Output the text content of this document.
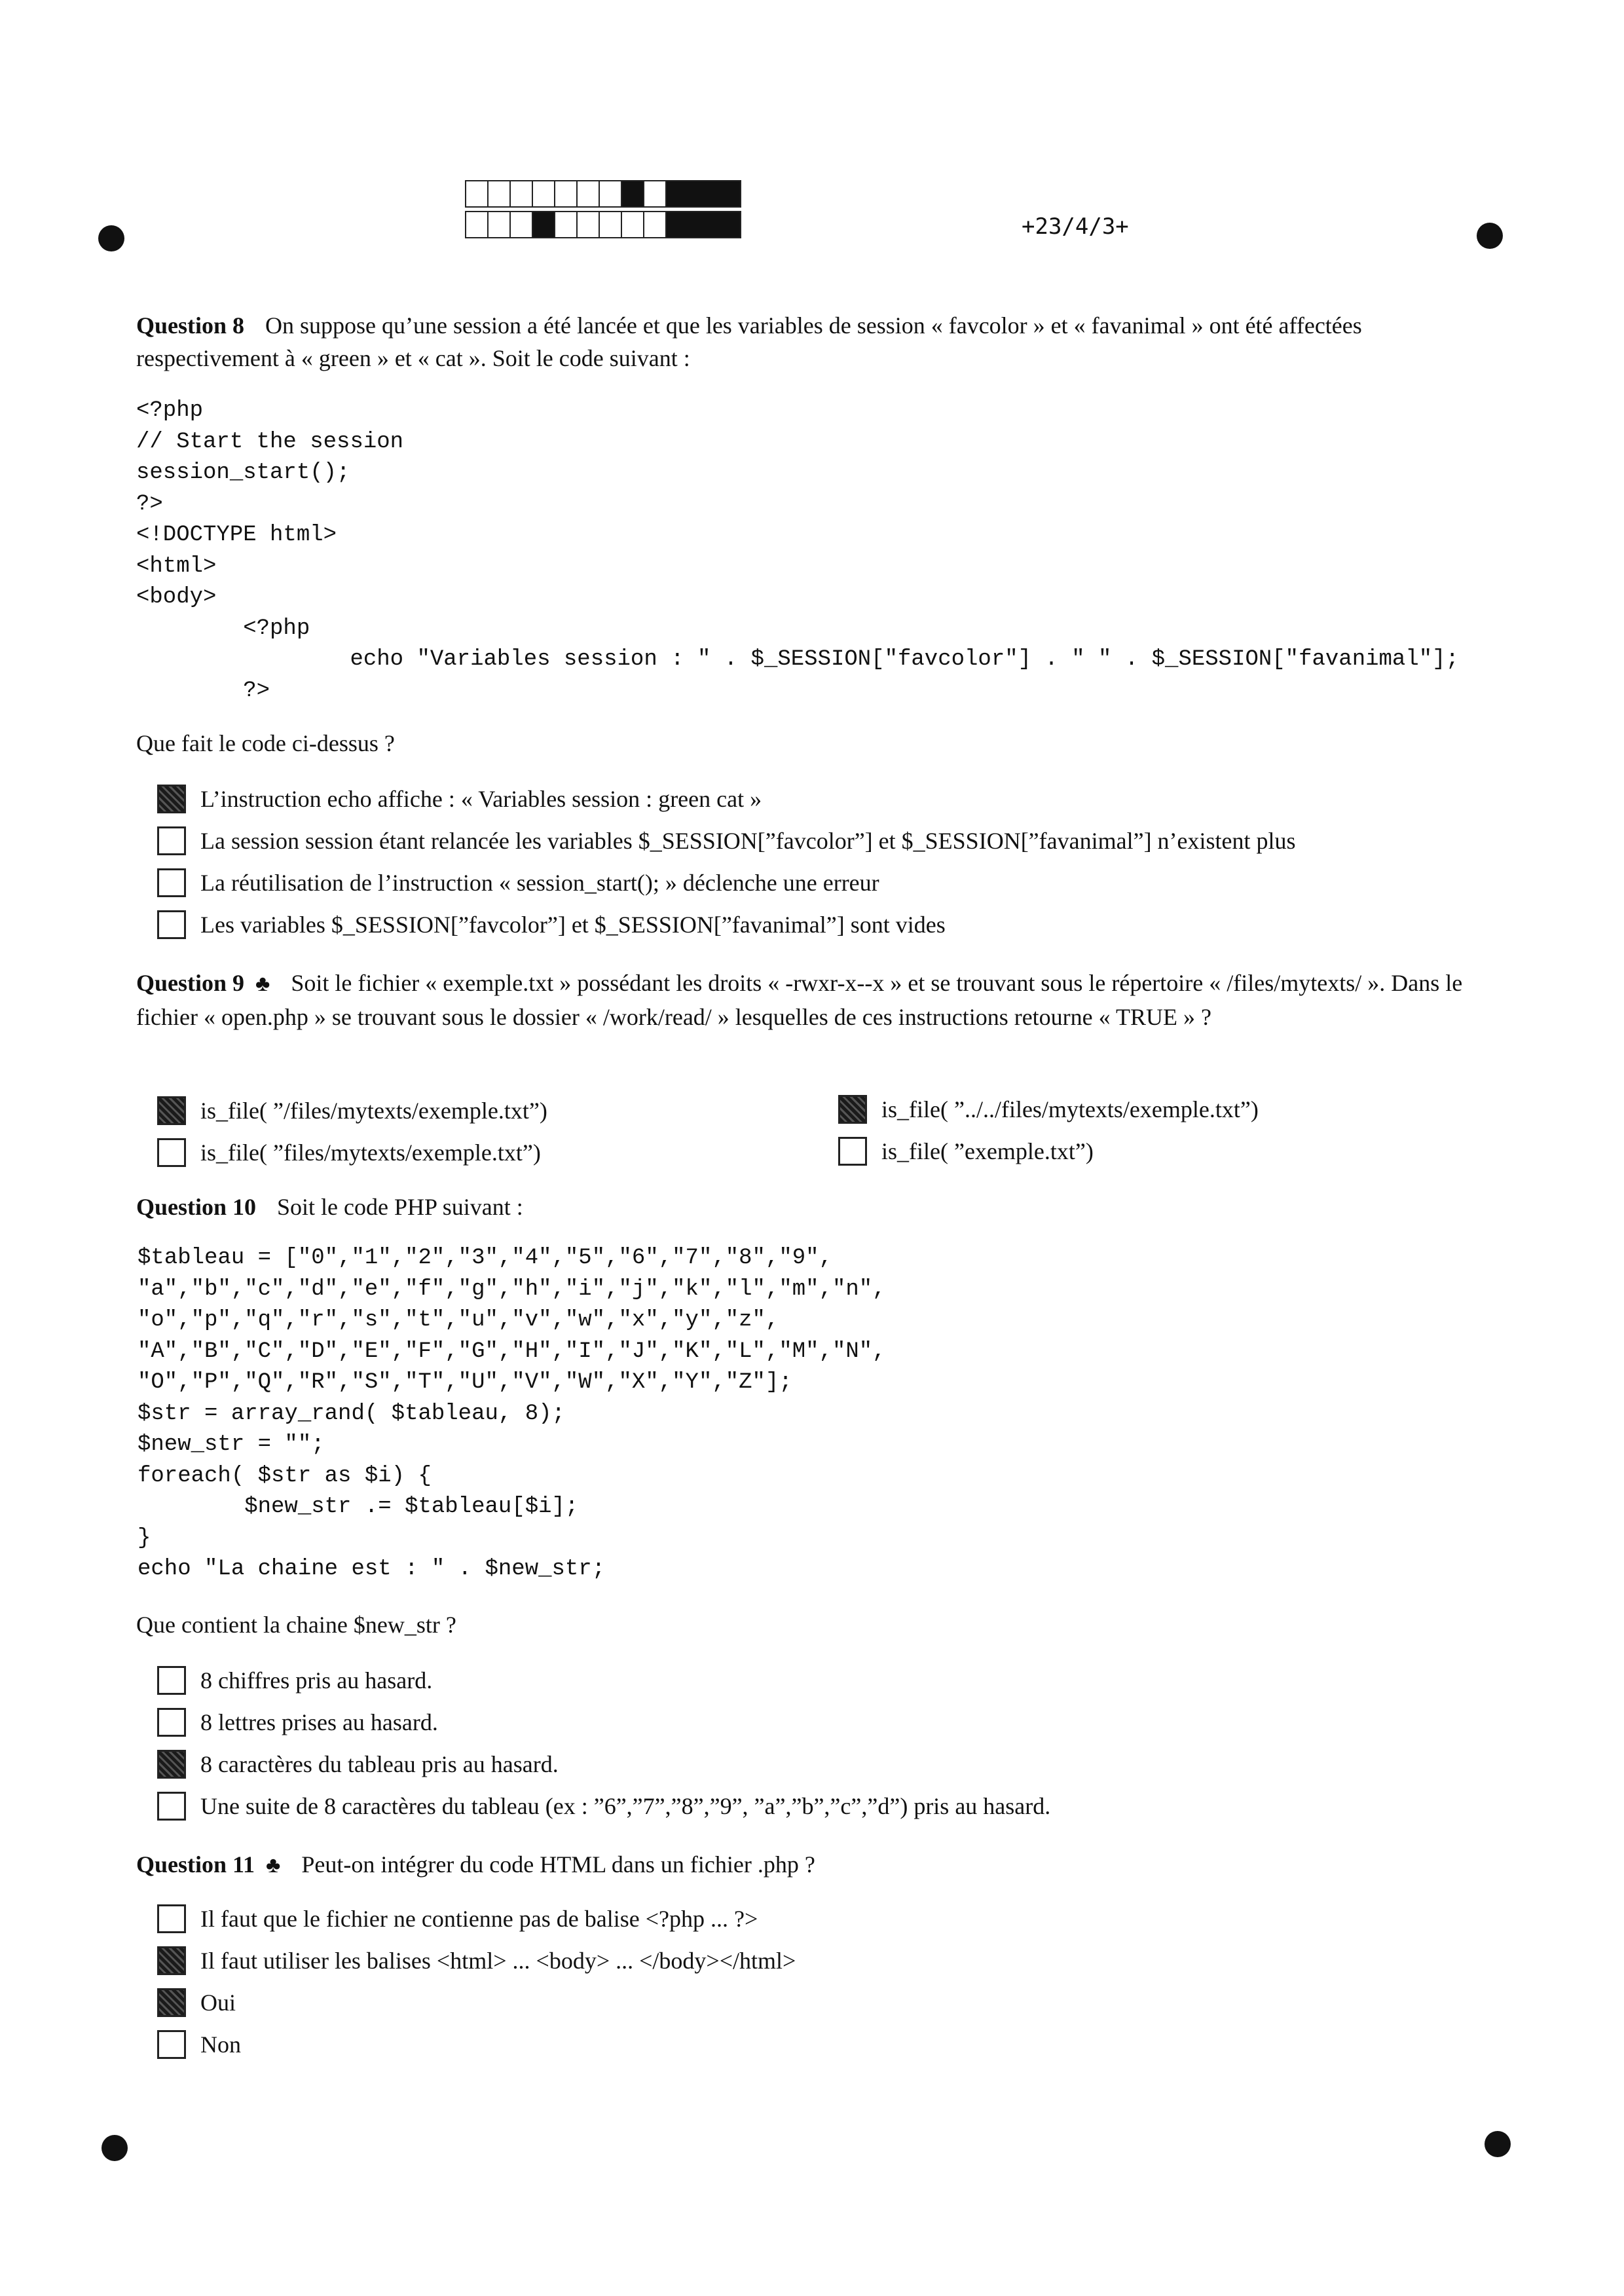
+23/4/3+
Question 8 On suppose qu’une session a été lancée et que les variables de session « favcolor » et « favanimal » ont été affectées respectivement à « green » et « cat ». Soit le code suivant :
<?php
// Start the session
session_start();
?>
<!DOCTYPE html>
<html>
<body>
<?php
echo "Variables session : " . $_SESSION["favcolor"] . " " . $_SESSION["favanimal"];
?>
Que fait le code ci-dessus ?
L’instruction echo affiche : « Variables session : green cat »
La session session étant relancée les variables $_SESSION[”favcolor”] et $_SESSION[”favanimal”] n’existent plus
La réutilisation de l’instruction « session_start(); » déclenche une erreur
Les variables $_SESSION[”favcolor”] et $_SESSION[”favanimal”] sont vides
Question 9 ♣ Soit le fichier « exemple.txt » possédant les droits « -rwxr-x--x » et se trouvant sous le répertoire « /files/mytexts/ ». Dans le fichier « open.php » se trouvant sous le dossier « /work/read/ » lesquelles de ces instructions retourne « TRUE » ?
is_file( ”/files/mytexts/exemple.txt”)	is_file( ”../../files/mytexts/exemple.txt”)
is_file( ”files/mytexts/exemple.txt”)	is_file( ”exemple.txt”)
Question 10 Soit le code PHP suivant :
$tableau = ["0","1","2","3","4","5","6","7","8","9",
"a","b","c","d","e","f","g","h","i","j","k","l","m","n",
"o","p","q","r","s","t","u","v","w","x","y","z",
"A","B","C","D","E","F","G","H","I","J","K","L","M","N",
"O","P","Q","R","S","T","U","V","W","X","Y","Z"];
$str = array_rand( $tableau, 8);
$new_str = "";
foreach( $str as $i) {
$new_str .= $tableau[$i];
}
echo "La chaine est : " . $new_str;
Que contient la chaine $new_str ?
8 chiffres pris au hasard.
8 lettres prises au hasard.
8 caractères du tableau pris au hasard.
Une suite de 8 caractères du tableau (ex : ”6”,”7”,”8”,”9”, ”a”,”b”,”c”,”d”) pris au hasard.
Question 11 ♣ Peut-on intégrer du code HTML dans un fichier .php ?
Il faut que le fichier ne contienne pas de balise <?php ... ?>
Il faut utiliser les balises <html> ... <body> ... </body></html>
Oui
Non
